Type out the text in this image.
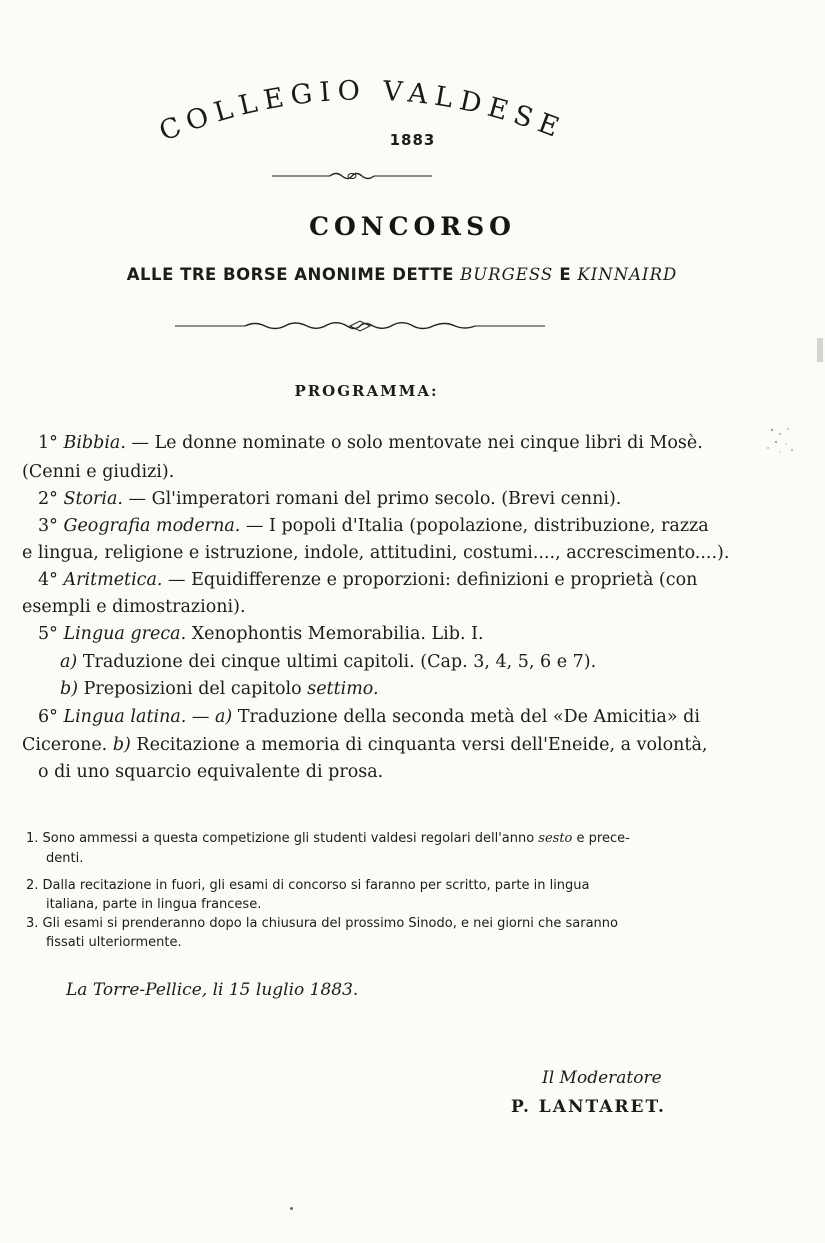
COLLEGIO VALDESE
1883
CONCORSO
ALLE TRE BORSE ANONIME DETTE BURGESS E KINNAIRD
PROGRAMMA:
1° Bibbia. — Le donne nominate o solo mentovate nei cinque libri di Mosè.
(Cenni e giudizi).
2° Storia. — Gl'imperatori romani del primo secolo. (Brevi cenni).
3° Geografia moderna. — I popoli d'Italia (popolazione, distribuzione, razza
e lingua, religione e istruzione, indole, attitudini, costumi...., accrescimento....).
4° Aritmetica. — Equidifferenze e proporzioni: definizioni e proprietà (con
esempli e dimostrazioni).
5° Lingua greca. Xenophontis Memorabilia. Lib. I.
a) Traduzione dei cinque ultimi capitoli. (Cap. 3, 4, 5, 6 e 7).
b) Preposizioni del capitolo settimo.
6° Lingua latina. — a) Traduzione della seconda metà del «De Amicitia» di
Cicerone. b) Recitazione a memoria di cinquanta versi dell'Eneide, a volontà,
o di uno squarcio equivalente di prosa.
1. Sono ammessi a questa competizione gli studenti valdesi regolari dell'anno sesto e prece-
denti.
2. Dalla recitazione in fuori, gli esami di concorso si faranno per scritto, parte in lingua
italiana, parte in lingua francese.
3. Gli esami si prenderanno dopo la chiusura del prossimo Sinodo, e nei giorni che saranno
fissati ulteriormente.
La Torre-Pellice, li 15 luglio 1883.
Il Moderatore
P. LANTARET.
